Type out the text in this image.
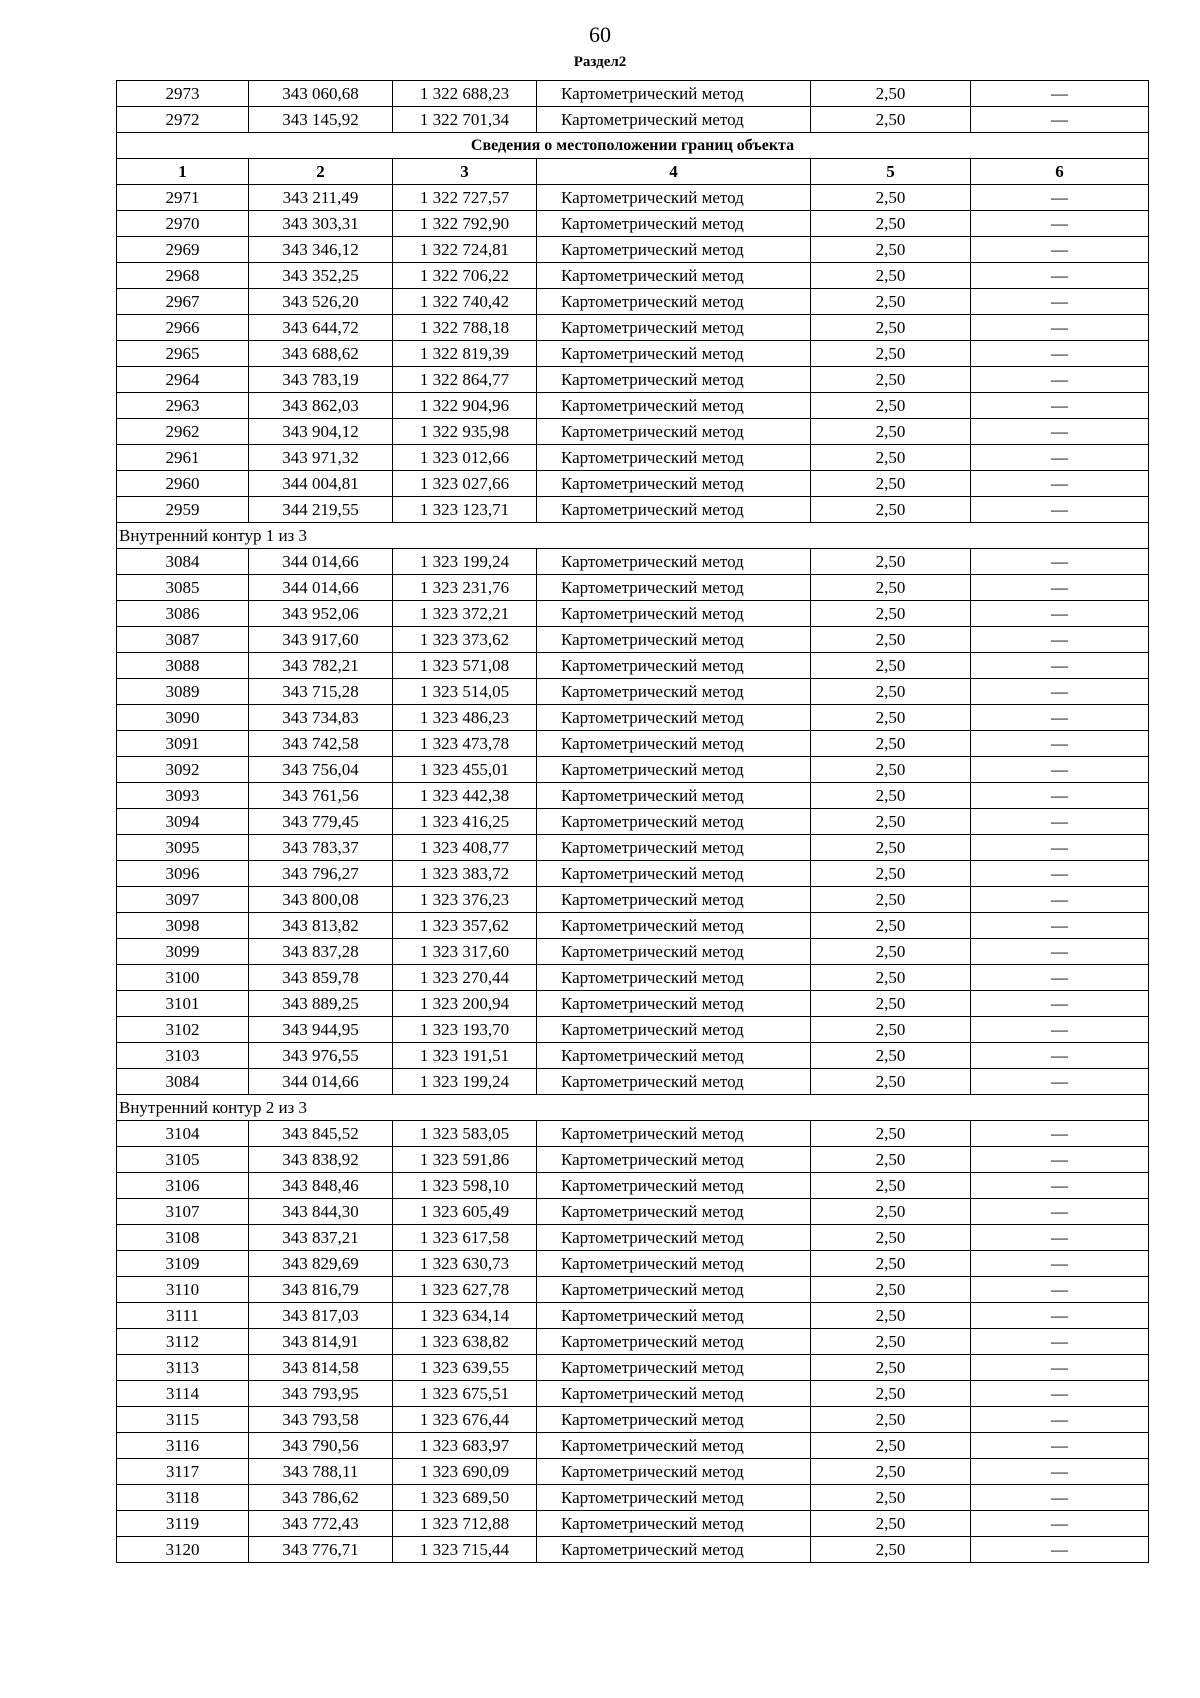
60
Раздел2
2973	343 060,68	1 322 688,23	Картометрический метод	2,50	—
2972	343 145,92	1 322 701,34	Картометрический метод	2,50	—
Сведения о местоположении границ объекта					
1	2	3	4	5	6
2971	343 211,49	1 322 727,57	Картометрический метод	2,50	—
2970	343 303,31	1 322 792,90	Картометрический метод	2,50	—
2969	343 346,12	1 322 724,81	Картометрический метод	2,50	—
2968	343 352,25	1 322 706,22	Картометрический метод	2,50	—
2967	343 526,20	1 322 740,42	Картометрический метод	2,50	—
2966	343 644,72	1 322 788,18	Картометрический метод	2,50	—
2965	343 688,62	1 322 819,39	Картометрический метод	2,50	—
2964	343 783,19	1 322 864,77	Картометрический метод	2,50	—
2963	343 862,03	1 322 904,96	Картометрический метод	2,50	—
2962	343 904,12	1 322 935,98	Картометрический метод	2,50	—
2961	343 971,32	1 323 012,66	Картометрический метод	2,50	—
2960	344 004,81	1 323 027,66	Картометрический метод	2,50	—
2959	344 219,55	1 323 123,71	Картометрический метод	2,50	—
Внутренний контур 1 из 3					
3084	344 014,66	1 323 199,24	Картометрический метод	2,50	—
3085	344 014,66	1 323 231,76	Картометрический метод	2,50	—
3086	343 952,06	1 323 372,21	Картометрический метод	2,50	—
3087	343 917,60	1 323 373,62	Картометрический метод	2,50	—
3088	343 782,21	1 323 571,08	Картометрический метод	2,50	—
3089	343 715,28	1 323 514,05	Картометрический метод	2,50	—
3090	343 734,83	1 323 486,23	Картометрический метод	2,50	—
3091	343 742,58	1 323 473,78	Картометрический метод	2,50	—
3092	343 756,04	1 323 455,01	Картометрический метод	2,50	—
3093	343 761,56	1 323 442,38	Картометрический метод	2,50	—
3094	343 779,45	1 323 416,25	Картометрический метод	2,50	—
3095	343 783,37	1 323 408,77	Картометрический метод	2,50	—
3096	343 796,27	1 323 383,72	Картометрический метод	2,50	—
3097	343 800,08	1 323 376,23	Картометрический метод	2,50	—
3098	343 813,82	1 323 357,62	Картометрический метод	2,50	—
3099	343 837,28	1 323 317,60	Картометрический метод	2,50	—
3100	343 859,78	1 323 270,44	Картометрический метод	2,50	—
3101	343 889,25	1 323 200,94	Картометрический метод	2,50	—
3102	343 944,95	1 323 193,70	Картометрический метод	2,50	—
3103	343 976,55	1 323 191,51	Картометрический метод	2,50	—
3084	344 014,66	1 323 199,24	Картометрический метод	2,50	—
Внутренний контур 2 из 3					
3104	343 845,52	1 323 583,05	Картометрический метод	2,50	—
3105	343 838,92	1 323 591,86	Картометрический метод	2,50	—
3106	343 848,46	1 323 598,10	Картометрический метод	2,50	—
3107	343 844,30	1 323 605,49	Картометрический метод	2,50	—
3108	343 837,21	1 323 617,58	Картометрический метод	2,50	—
3109	343 829,69	1 323 630,73	Картометрический метод	2,50	—
3110	343 816,79	1 323 627,78	Картометрический метод	2,50	—
3111	343 817,03	1 323 634,14	Картометрический метод	2,50	—
3112	343 814,91	1 323 638,82	Картометрический метод	2,50	—
3113	343 814,58	1 323 639,55	Картометрический метод	2,50	—
3114	343 793,95	1 323 675,51	Картометрический метод	2,50	—
3115	343 793,58	1 323 676,44	Картометрический метод	2,50	—
3116	343 790,56	1 323 683,97	Картометрический метод	2,50	—
3117	343 788,11	1 323 690,09	Картометрический метод	2,50	—
3118	343 786,62	1 323 689,50	Картометрический метод	2,50	—
3119	343 772,43	1 323 712,88	Картометрический метод	2,50	—
3120	343 776,71	1 323 715,44	Картометрический метод	2,50	—
